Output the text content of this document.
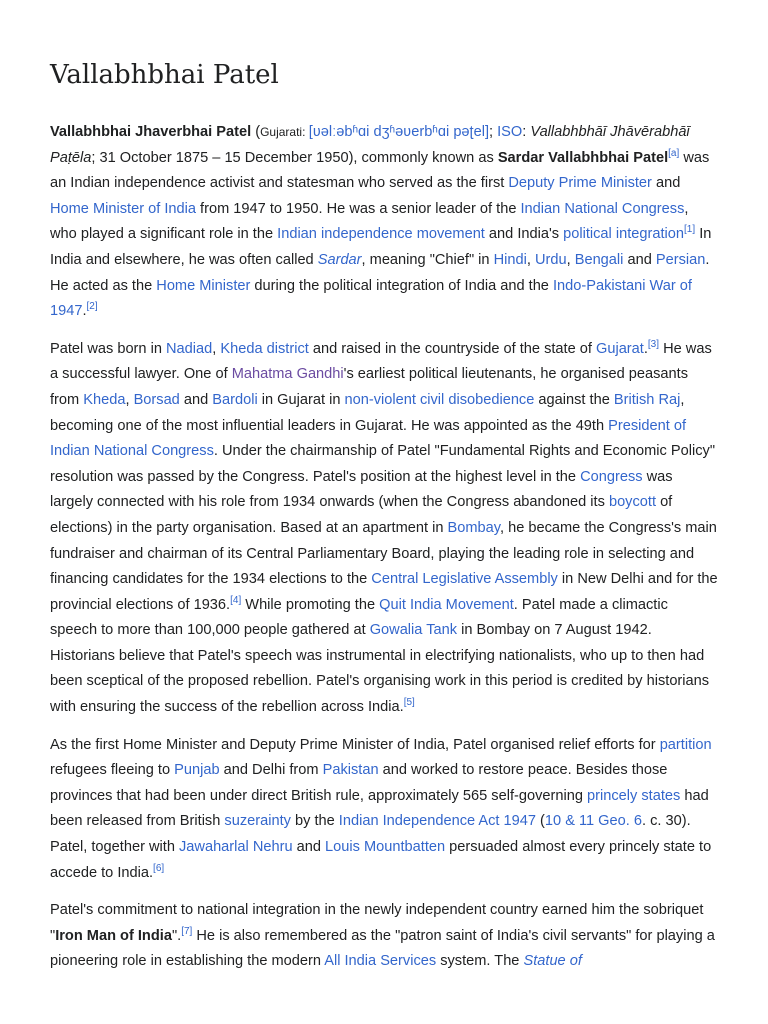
Vallabhbhai Patel

Vallabhbhai Jhaverbhai Patel (Gujarati: [ʋəlːəbʱɑi dʒʱəʋerbʱɑi pəʈel]; ISO: Vallabhbhāī Jhāvērabhāī Paṭēla; 31 October 1875 – 15 December 1950), commonly known as Sardar Vallabhbhai Patel[a] was an Indian independence activist and statesman who served as the first Deputy Prime Minister and Home Minister of India from 1947 to 1950. He was a senior leader of the Indian National Congress, who played a significant role in the Indian independence movement and India's political integration[1] In India and elsewhere, he was often called Sardar, meaning "Chief" in Hindi, Urdu, Bengali and Persian. He acted as the Home Minister during the political integration of India and the Indo-Pakistani War of 1947.[2]

Patel was born in Nadiad, Kheda district and raised in the countryside of the state of Gujarat.[3] He was a successful lawyer. One of Mahatma Gandhi's earliest political lieutenants, he organised peasants from Kheda, Borsad and Bardoli in Gujarat in non-violent civil disobedience against the British Raj, becoming one of the most influential leaders in Gujarat. He was appointed as the 49th President of Indian National Congress. Under the chairmanship of Patel "Fundamental Rights and Economic Policy" resolution was passed by the Congress. Patel's position at the highest level in the Congress was largely connected with his role from 1934 onwards (when the Congress abandoned its boycott of elections) in the party organisation. Based at an apartment in Bombay, he became the Congress's main fundraiser and chairman of its Central Parliamentary Board, playing the leading role in selecting and financing candidates for the 1934 elections to the Central Legislative Assembly in New Delhi and for the provincial elections of 1936.[4] While promoting the Quit India Movement. Patel made a climactic speech to more than 100,000 people gathered at Gowalia Tank in Bombay on 7 August 1942. Historians believe that Patel's speech was instrumental in electrifying nationalists, who up to then had been sceptical of the proposed rebellion. Patel's organising work in this period is credited by historians with ensuring the success of the rebellion across India.[5]

As the first Home Minister and Deputy Prime Minister of India, Patel organised relief efforts for partition refugees fleeing to Punjab and Delhi from Pakistan and worked to restore peace. Besides those provinces that had been under direct British rule, approximately 565 self-governing princely states had been released from British suzerainty by the Indian Independence Act 1947 (10 & 11 Geo. 6. c. 30). Patel, together with Jawaharlal Nehru and Louis Mountbatten persuaded almost every princely state to accede to India.[6]

Patel's commitment to national integration in the newly independent country earned him the sobriquet "Iron Man of India".[7] He is also remembered as the "patron saint of India's civil servants" for playing a pioneering role in establishing the modern All India Services system. The Statue of
